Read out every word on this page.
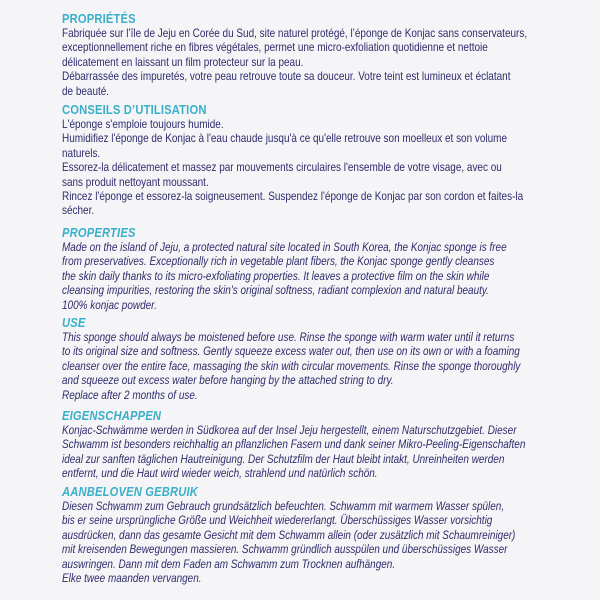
PROPRIÉTÉS
Fabriquée sur l’île de Jeju en Corée du Sud, site naturel protégé, l’éponge de Konjac sans conservateurs,
exceptionnellement riche en fibres végétales, permet une micro-exfoliation quotidienne et nettoie
délicatement en laissant un film protecteur sur la peau.
Débarrassée des impuretés, votre peau retrouve toute sa douceur. Votre teint est lumineux et éclatant
de beauté.
CONSEILS D’UTILISATION
L'éponge s'emploie toujours humide.
Humidifiez l'éponge de Konjac à l'eau chaude jusqu'à ce qu'elle retrouve son moelleux et son volume
naturels.
Essorez-la délicatement et massez par mouvements circulaires l'ensemble de votre visage, avec ou
sans produit nettoyant moussant.
Rincez l'éponge et essorez-la soigneusement. Suspendez l'éponge de Konjac par son cordon et faites-la
sécher.
PROPERTIES
Made on the island of Jeju, a protected natural site located in South Korea, the Konjac sponge is free
from preservatives. Exceptionally rich in vegetable plant fibers, the Konjac sponge gently cleanses
the skin daily thanks to its micro-exfoliating properties. It leaves a protective film on the skin while
cleansing impurities, restoring the skin's original softness, radiant complexion and natural beauty.
100% konjac powder.
USE
This sponge should always be moistened before use. Rinse the sponge with warm water until it returns
to its original size and softness. Gently squeeze excess water out, then use on its own or with a foaming
cleanser over the entire face, massaging the skin with circular movements. Rinse the sponge thoroughly
and squeeze out excess water before hanging by the attached string to dry.
Replace after 2 months of use.
EIGENSCHAPPEN
Konjac-Schwämme werden in Südkorea auf der Insel Jeju hergestellt, einem Naturschutzgebiet. Dieser
Schwamm ist besonders reichhaltig an pflanzlichen Fasern und dank seiner Mikro-Peeling-Eigenschaften
ideal zur sanften täglichen Hautreinigung. Der Schutzfilm der Haut bleibt intakt, Unreinheiten werden
entfernt, und die Haut wird wieder weich, strahlend und natürlich schön.
AANBELOVEN GEBRUIK
Diesen Schwamm zum Gebrauch grundsätzlich befeuchten. Schwamm mit warmem Wasser spülen,
bis er seine ursprüngliche Größe und Weichheit wiedererlangt. Überschüssiges Wasser vorsichtig
ausdrücken, dann das gesamte Gesicht mit dem Schwamm allein (oder zusätzlich mit Schaumreiniger)
mit kreisenden Bewegungen massieren. Schwamm gründlich ausspülen und überschüssiges Wasser
auswringen. Dann mit dem Faden am Schwamm zum Trocknen aufhängen.
Elke twee maanden vervangen.
